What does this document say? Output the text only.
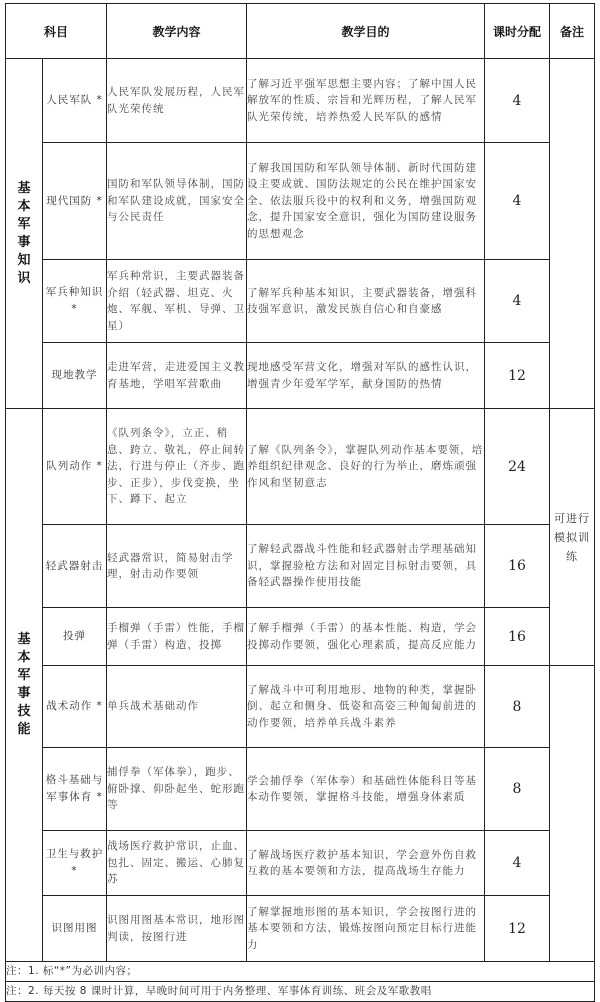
科目		教学内容	教学目的	课时分配	备注

基本军事知识	人民军队 *	人民军队发展历程，人民军队光荣传统	了解习近平强军思想主要内容；了解中国人民解放军的性质、宗旨和光辉历程，了解人民军队光荣传统，培养热爱人民军队的感情	4	
	现代国防 *	国防和军队领导体制，国防和军队建设成就，国家安全与公民责任	了解我国国防和军队领导体制、新时代国防建设主要成就、国防法规定的公民在维护国家安全、依法服兵役中的权利和义务，增强国防观念，提升国家安全意识，强化为国防建设服务的思想观念	4	
	军兵种知识 *	军兵种常识，主要武器装备介绍（轻武器、坦克、火炮、军舰、军机、导弹、卫星）	了解军兵种基本知识，主要武器装备，增强科技强军意识，激发民族自信心和自豪感	4	
	现地教学	走进军营，走进爱国主义教育基地，学唱军营歌曲	现地感受军营文化，增强对军队的感性认识，增强青少年爱军学军，献身国防的热情	12	

基本军事技能	队列动作 *	《队列条令》，立正、稍息、跨立、敬礼，停止间转法，行进与停止（齐步、跑步、正步），步伐变换，坐下、蹲下、起立	了解《队列条令》，掌握队列动作基本要领，培养组织纪律观念、良好的行为举止，磨炼顽强作风和坚韧意志	24	可进行模拟训练
	轻武器射击	轻武器常识，简易射击学理，射击动作要领	了解轻武器战斗性能和轻武器射击学理基础知识，掌握验枪方法和对固定目标射击要领，具备轻武器操作使用技能	16	
	投弹	手榴弹（手雷）性能，手榴弹（手雷）构造，投掷	了解手榴弹（手雷）的基本性能、构造，学会投掷动作要领，强化心理素质，提高反应能力	16	
	战术动作 *	单兵战术基础动作	了解战斗中可利用地形、地物的种类，掌握卧倒、起立和侧身、低姿和高姿三种匍匐前进的动作要领，培养单兵战斗素养	8	
	格斗基础与军事体育 *	捕俘拳（军体拳），跑步、俯卧撑、仰卧起坐、蛇形跑等	学会捕俘拳（军体拳）和基础性体能科目等基本动作要领，掌握格斗技能，增强身体素质	8	
	卫生与救护 *	战场医疗救护常识，止血、包扎、固定、搬运、心肺复苏	了解战场医疗救护基本知识，学会意外伤自救互救的基本要领和方法，提高战场生存能力	4	
	识图用图	识图用图基本常识，地形图判读，按图行进	了解掌握地形图的基本知识，学会按图行进的基本要领和方法，锻炼按图向预定目标行进能力	12	
注：1. 标“*”为必训内容；					
注：2. 每天按 8 课时计算，早晚时间可用于内务整理、军事体育训练、班会及军歌教唱					
